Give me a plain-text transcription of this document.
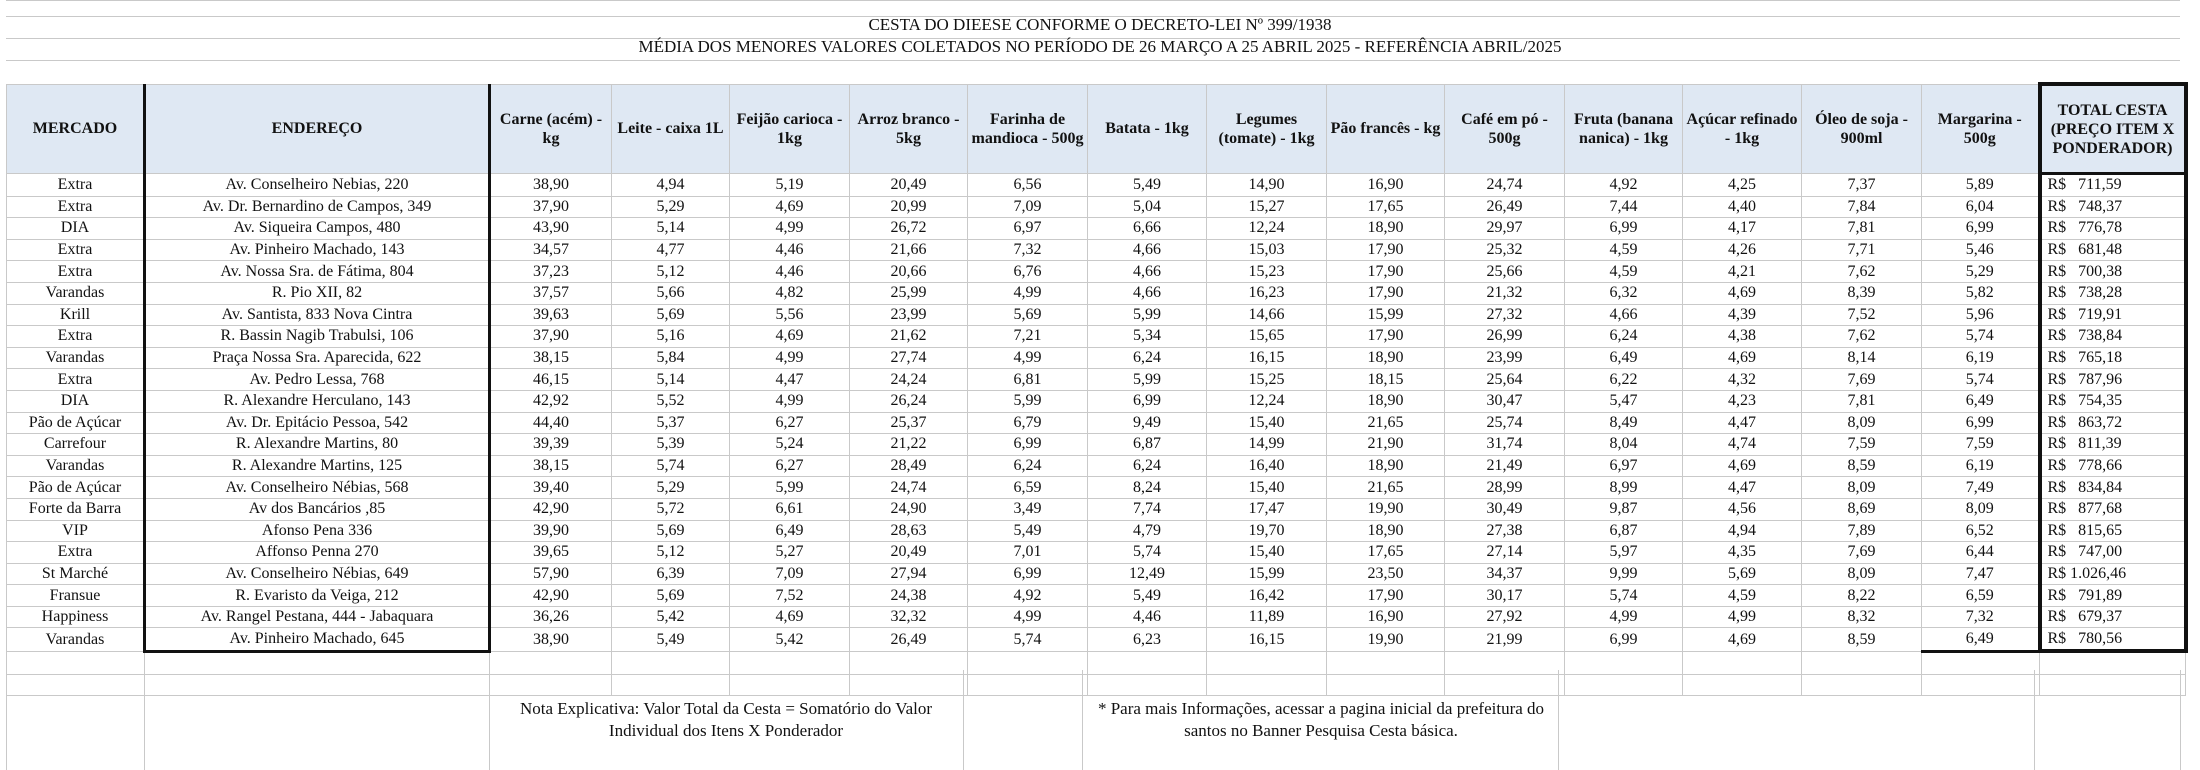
CESTA DO DIEESE CONFORME O DECRETO-LEI Nº 399/1938
MÉDIA DOS MENORES VALORES COLETADOS NO PERÍODO DE 26 MARÇO A 25 ABRIL 2025 - REFERÊNCIA ABRIL/2025
MERCADO	ENDEREÇO	Carne (acém) - kg	Leite - caixa 1L	Feijão carioca - 1kg	Arroz branco - 5kg	Farinha de mandioca - 500g	Batata - 1kg	Legumes (tomate) - 1kg	Pão francês - kg	Café em pó - 500g	Fruta (banana nanica) - 1kg	Açúcar refinado - 1kg	Óleo de soja - 900ml	Margarina - 500g	TOTAL CESTA (PREÇO ITEM X PONDERADOR)
Extra	Av. Conselheiro Nebias, 220	38,90	4,94	5,19	20,49	6,56	5,49	14,90	16,90	24,74	4,92	4,25	7,37	5,89	R$   711,59
Extra	Av. Dr. Bernardino de Campos, 349	37,90	5,29	4,69	20,99	7,09	5,04	15,27	17,65	26,49	7,44	4,40	7,84	6,04	R$   748,37
DIA	Av. Siqueira Campos, 480	43,90	5,14	4,99	26,72	6,97	6,66	12,24	18,90	29,97	6,99	4,17	7,81	6,99	R$   776,78
Extra	Av. Pinheiro Machado, 143	34,57	4,77	4,46	21,66	7,32	4,66	15,03	17,90	25,32	4,59	4,26	7,71	5,46	R$   681,48
Extra	Av. Nossa Sra. de Fátima, 804	37,23	5,12	4,46	20,66	6,76	4,66	15,23	17,90	25,66	4,59	4,21	7,62	5,29	R$   700,38
Varandas	R. Pio XII, 82	37,57	5,66	4,82	25,99	4,99	4,66	16,23	17,90	21,32	6,32	4,69	8,39	5,82	R$   738,28
Krill	Av. Santista, 833 Nova Cintra	39,63	5,69	5,56	23,99	5,69	5,99	14,66	15,99	27,32	4,66	4,39	7,52	5,96	R$   719,91
Extra	R. Bassin Nagib Trabulsi, 106	37,90	5,16	4,69	21,62	7,21	5,34	15,65	17,90	26,99	6,24	4,38	7,62	5,74	R$   738,84
Varandas	Praça Nossa Sra. Aparecida, 622	38,15	5,84	4,99	27,74	4,99	6,24	16,15	18,90	23,99	6,49	4,69	8,14	6,19	R$   765,18
Extra	Av. Pedro Lessa, 768	46,15	5,14	4,47	24,24	6,81	5,99	15,25	18,15	25,64	6,22	4,32	7,69	5,74	R$   787,96
DIA	R. Alexandre Herculano, 143	42,92	5,52	4,99	26,24	5,99	6,99	12,24	18,90	30,47	5,47	4,23	7,81	6,49	R$   754,35
Pão de Açúcar	Av. Dr. Epitácio Pessoa, 542	44,40	5,37	6,27	25,37	6,79	9,49	15,40	21,65	25,74	8,49	4,47	8,09	6,99	R$   863,72
Carrefour	R. Alexandre Martins, 80	39,39	5,39	5,24	21,22	6,99	6,87	14,99	21,90	31,74	8,04	4,74	7,59	7,59	R$   811,39
Varandas	R. Alexandre Martins, 125	38,15	5,74	6,27	28,49	6,24	6,24	16,40	18,90	21,49	6,97	4,69	8,59	6,19	R$   778,66
Pão de Açúcar	Av. Conselheiro Nébias, 568	39,40	5,29	5,99	24,74	6,59	8,24	15,40	21,65	28,99	8,99	4,47	8,09	7,49	R$   834,84
Forte da Barra	Av dos Bancários ,85	42,90	5,72	6,61	24,90	3,49	7,74	17,47	19,90	30,49	9,87	4,56	8,69	8,09	R$   877,68
VIP	Afonso Pena 336	39,90	5,69	6,49	28,63	5,49	4,79	19,70	18,90	27,38	6,87	4,94	7,89	6,52	R$   815,65
Extra	Affonso Penna 270	39,65	5,12	5,27	20,49	7,01	5,74	15,40	17,65	27,14	5,97	4,35	7,69	6,44	R$   747,00
St Marché	Av. Conselheiro Nébias, 649	57,90	6,39	7,09	27,94	6,99	12,49	15,99	23,50	34,37	9,99	5,69	8,09	7,47	R$ 1.026,46
Fransue	R. Evaristo da Veiga, 212	42,90	5,69	7,52	24,38	4,92	5,49	16,42	17,90	30,17	5,74	4,59	8,22	6,59	R$   791,89
Happiness	Av. Rangel Pestana, 444 - Jabaquara	36,26	5,42	4,69	32,32	4,99	4,46	11,89	16,90	27,92	4,99	4,99	8,32	7,32	R$   679,37
Varandas	Av. Pinheiro Machado, 645	38,90	5,49	5,42	26,49	5,74	6,23	16,15	19,90	21,99	6,99	4,69	8,59	6,49	R$   780,56

Nota Explicativa: Valor Total da Cesta = Somatório do Valor Individual dos Itens X Ponderador
* Para mais Informações, acessar a pagina inicial da prefeitura do santos no Banner Pesquisa Cesta básica.
